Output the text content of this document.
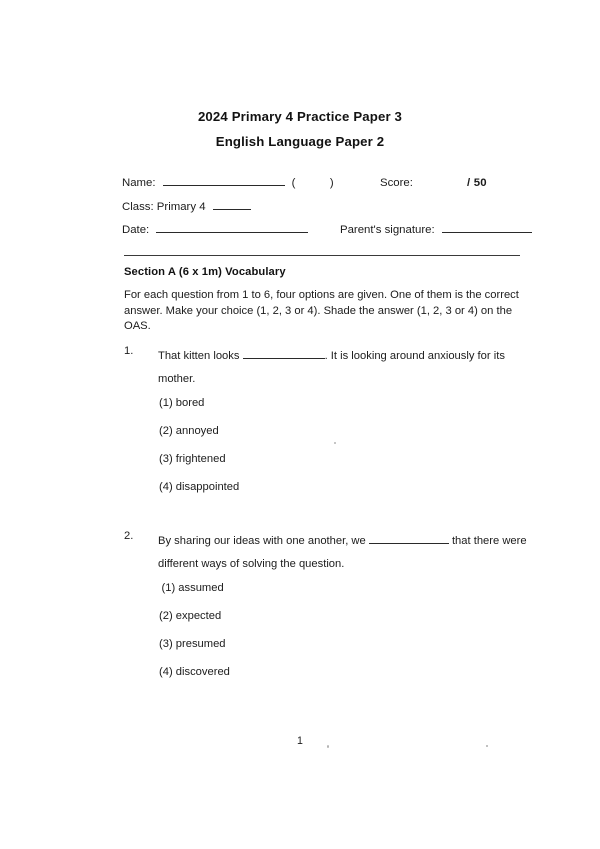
2024 Primary 4 Practice Paper 3
English Language Paper 2
Name:	(	)	Score:	/ 50
Class: Primary 4
Date:	Parent's signature:
Section A (6 x 1m) Vocabulary
For each question from 1 to 6, four options are given. One of them is the correct answer. Make your choice (1, 2, 3 or 4). Shade the answer (1, 2, 3 or 4) on the OAS.
1. That kitten looks	. It is looking around anxiously for its mother.
(1) bored
(2) annoyed
(3) frightened
(4) disappointed
2. By sharing our ideas with one another, we	that there were different ways of solving the question.
(1) assumed
(2) expected
(3) presumed
(4) discovered
1
